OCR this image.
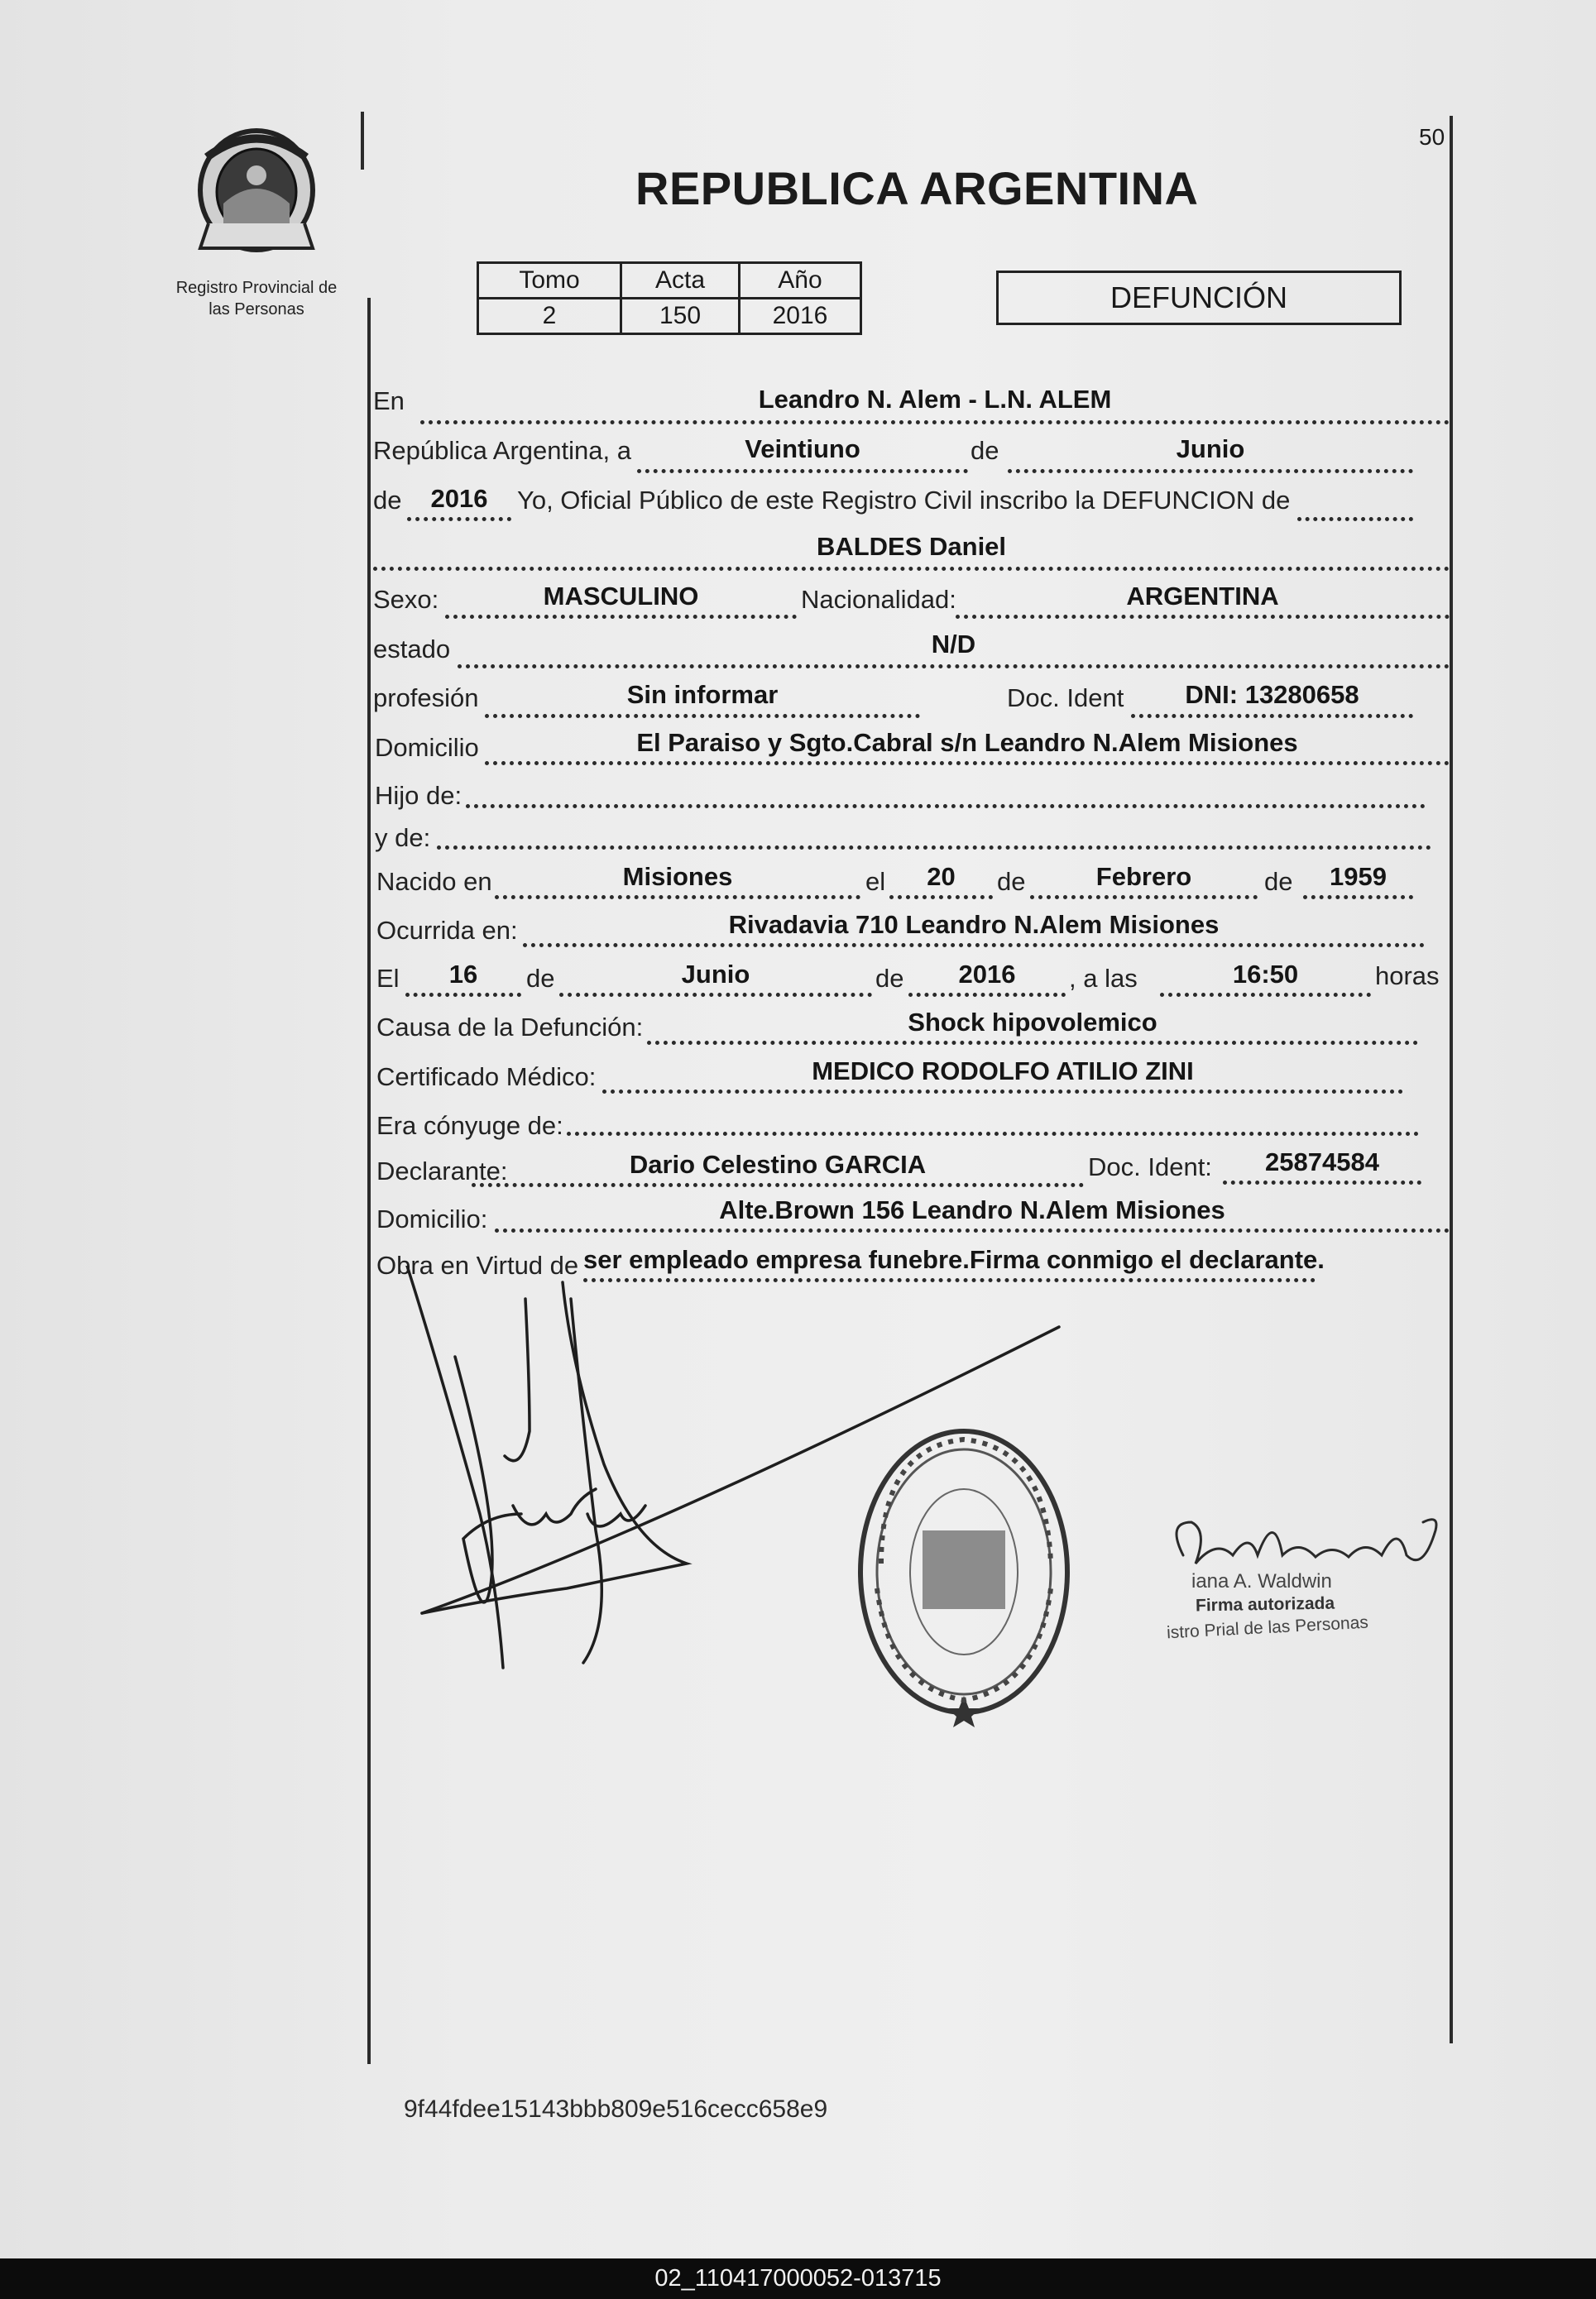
Registro Provincial de
las Personas
50
REPUBLICA ARGENTINA
Tomo	Acta	Año
2	150	2016
DEFUNCIÓN
En	Leandro N. Alem - L.N. ALEM
República Argentina, a	Veintiuno	de	Junio
de	2016	Yo, Oficial Público de este Registro Civil inscribo la DEFUNCION de
BALDES Daniel
Sexo:	MASCULINO	Nacionalidad:	ARGENTINA
estado	N/D
profesión	Sin informar	Doc. Ident	DNI: 13280658
Domicilio	El Paraiso y Sgto.Cabral s/n Leandro N.Alem Misiones
Hijo de:
y de:
Nacido en	Misiones	el	20	de	Febrero	de	1959
Ocurrida en:	Rivadavia 710 Leandro N.Alem Misiones
El	16	de	Junio	de	2016	, a las	16:50	horas
Causa de la Defunción:	Shock hipovolemico
Certificado Médico:	MEDICO RODOLFO ATILIO ZINI
Era cónyuge de:
Declarante:	Dario Celestino GARCIA	Doc. Ident:	25874584
Domicilio:	Alte.Brown 156 Leandro N.Alem Misiones
Obra en Virtud de ser empleado empresa funebre.Firma conmigo el declarante.
iana A. Waldwin
Firma autorizada
istro Prial de las Personas
9f44fdee15143bbb809e516cecc658e9
02_110417000052-013715
